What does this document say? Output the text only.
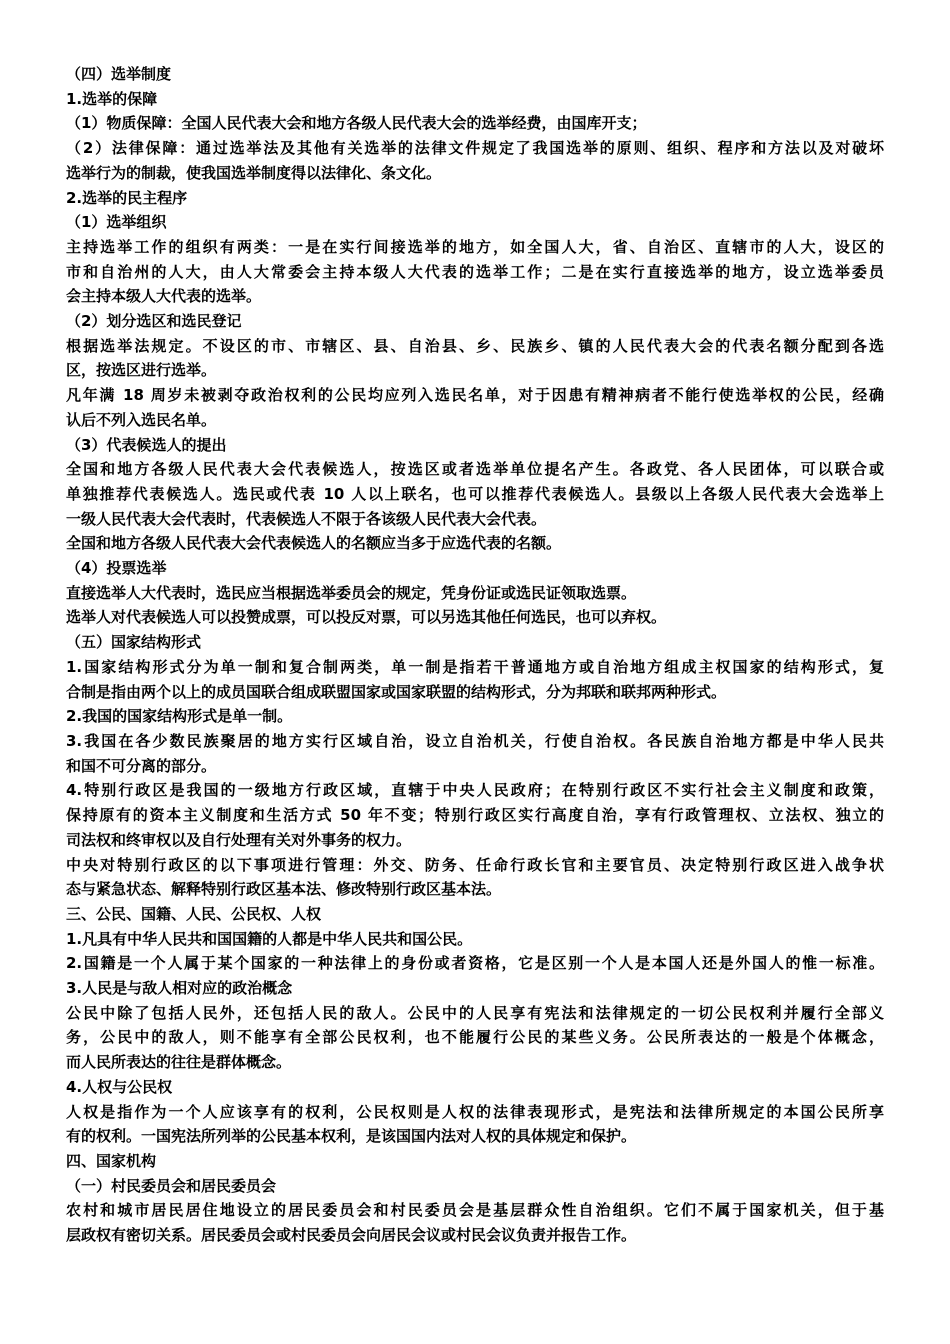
（四）选举制度
1.选举的保障
（1）物质保障：全国人民代表大会和地方各级人民代表大会的选举经费，由国库开支；
（2）法律保障：通过选举法及其他有关选举的法律文件规定了我国选举的原则、组织、程序和方法以及对破坏
选举行为的制裁，使我国选举制度得以法律化、条文化。
2.选举的民主程序
（1）选举组织
主持选举工作的组织有两类：一是在实行间接选举的地方，如全国人大，省、自治区、直辖市的人大，设区的
市和自治州的人大，由人大常委会主持本级人大代表的选举工作；二是在实行直接选举的地方，设立选举委员
会主持本级人大代表的选举。
（2）划分选区和选民登记
根据选举法规定。不设区的市、市辖区、县、自治县、乡、民族乡、镇的人民代表大会的代表名额分配到各选
区，按选区进行选举。
凡年满 18 周岁未被剥夺政治权利的公民均应列入选民名单，对于因患有精神病者不能行使选举权的公民，经确
认后不列入选民名单。
（3）代表候选人的提出
全国和地方各级人民代表大会代表候选人，按选区或者选举单位提名产生。各政党、各人民团体，可以联合或
单独推荐代表候选人。选民或代表 10 人以上联名，也可以推荐代表候选人。县级以上各级人民代表大会选举上
一级人民代表大会代表时，代表候选人不限于各该级人民代表大会代表。
全国和地方各级人民代表大会代表候选人的名额应当多于应选代表的名额。
（4）投票选举
直接选举人大代表时，选民应当根据选举委员会的规定，凭身份证或选民证领取选票。
选举人对代表候选人可以投赞成票，可以投反对票，可以另选其他任何选民，也可以弃权。
（五）国家结构形式
1.国家结构形式分为单一制和复合制两类，单一制是指若干普通地方或自治地方组成主权国家的结构形式，复
合制是指由两个以上的成员国联合组成联盟国家或国家联盟的结构形式，分为邦联和联邦两种形式。
2.我国的国家结构形式是单一制。
3.我国在各少数民族聚居的地方实行区域自治，设立自治机关，行使自治权。各民族自治地方都是中华人民共
和国不可分离的部分。
4.特别行政区是我国的一级地方行政区域，直辖于中央人民政府；在特别行政区不实行社会主义制度和政策，
保持原有的资本主义制度和生活方式 50 年不变；特别行政区实行高度自治，享有行政管理权、立法权、独立的
司法权和终审权以及自行处理有关对外事务的权力。
中央对特别行政区的以下事项进行管理：外交、防务、任命行政长官和主要官员、决定特别行政区进入战争状
态与紧急状态、解释特别行政区基本法、修改特别行政区基本法。
三、公民、国籍、人民、公民权、人权
1.凡具有中华人民共和国国籍的人都是中华人民共和国公民。
2.国籍是一个人属于某个国家的一种法律上的身份或者资格，它是区别一个人是本国人还是外国人的惟一标准。
3.人民是与敌人相对应的政治概念
公民中除了包括人民外，还包括人民的敌人。公民中的人民享有宪法和法律规定的一切公民权利并履行全部义
务，公民中的敌人，则不能享有全部公民权利，也不能履行公民的某些义务。公民所表达的一般是个体概念，
而人民所表达的往往是群体概念。
4.人权与公民权
人权是指作为一个人应该享有的权利，公民权则是人权的法律表现形式，是宪法和法律所规定的本国公民所享
有的权利。一国宪法所列举的公民基本权利，是该国国内法对人权的具体规定和保护。
四、国家机构
（一）村民委员会和居民委员会
农村和城市居民居住地设立的居民委员会和村民委员会是基层群众性自治组织。它们不属于国家机关，但于基
层政权有密切关系。居民委员会或村民委员会向居民会议或村民会议负责并报告工作。
